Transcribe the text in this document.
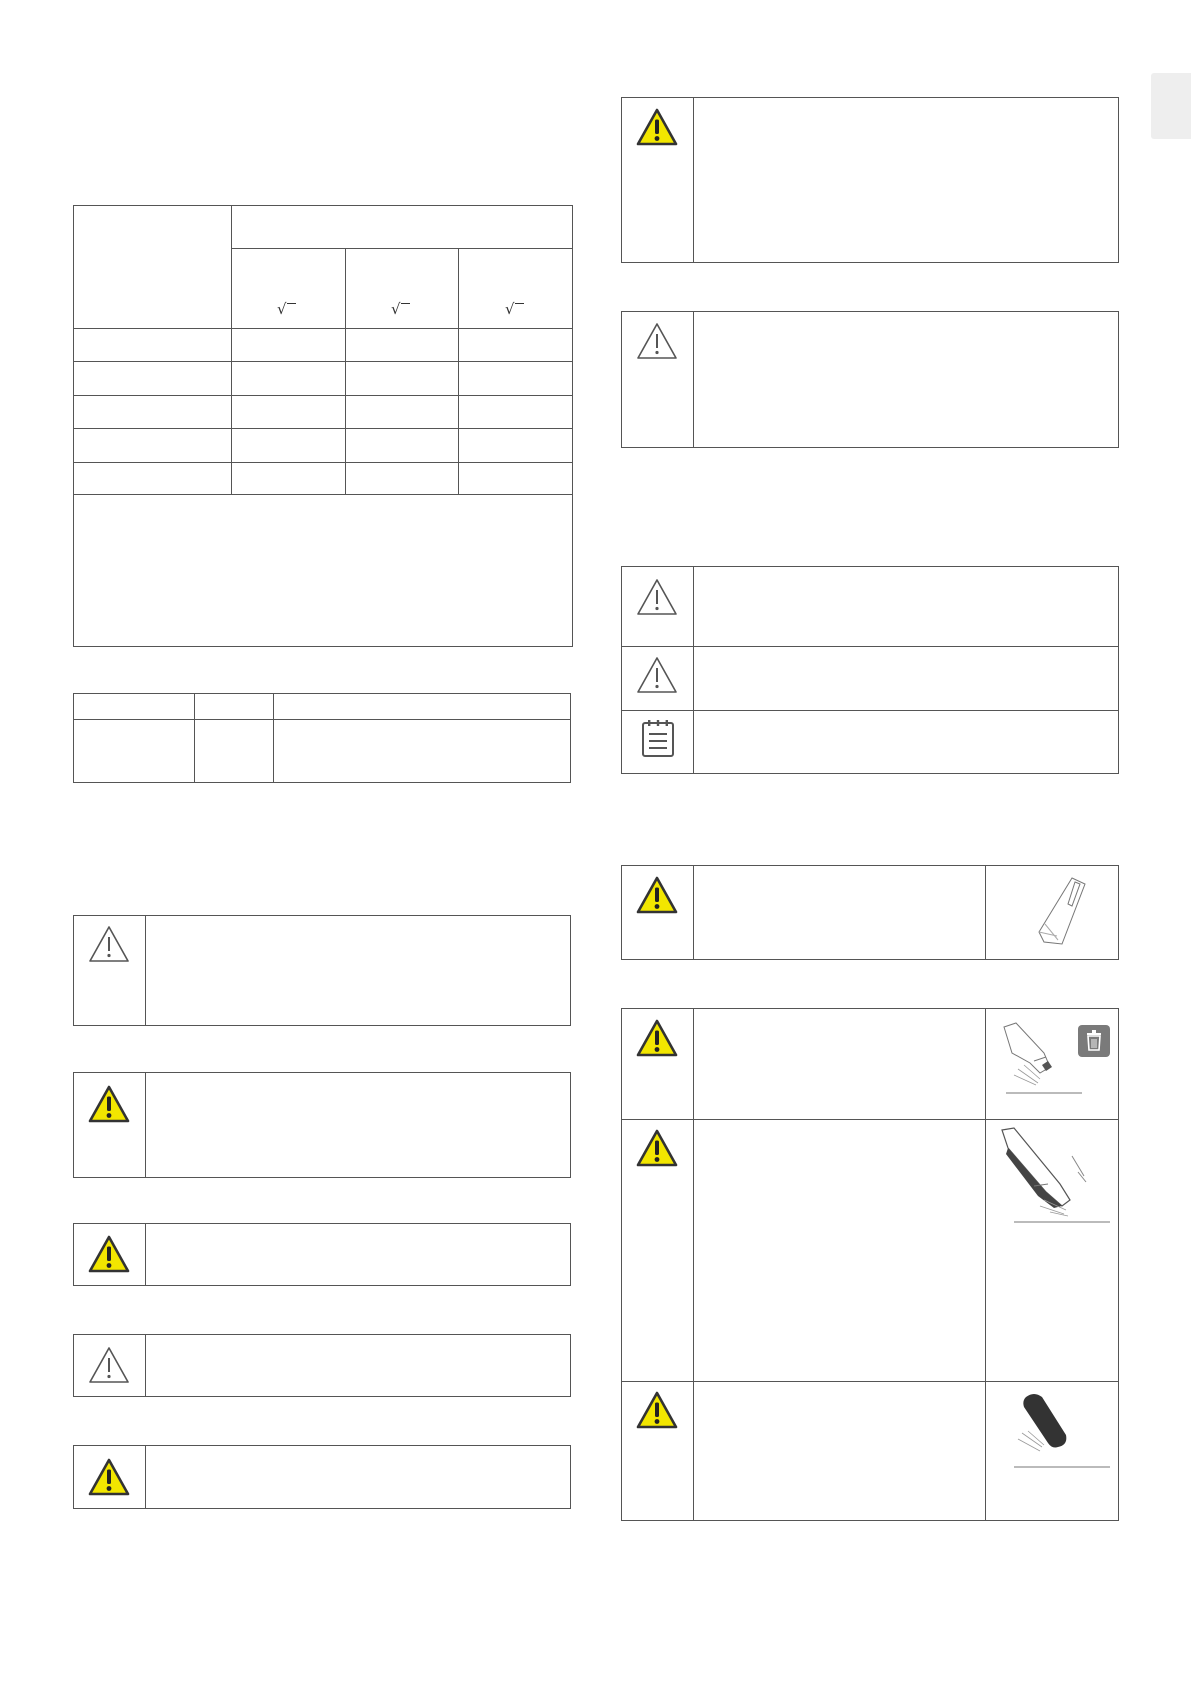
√	√	√
